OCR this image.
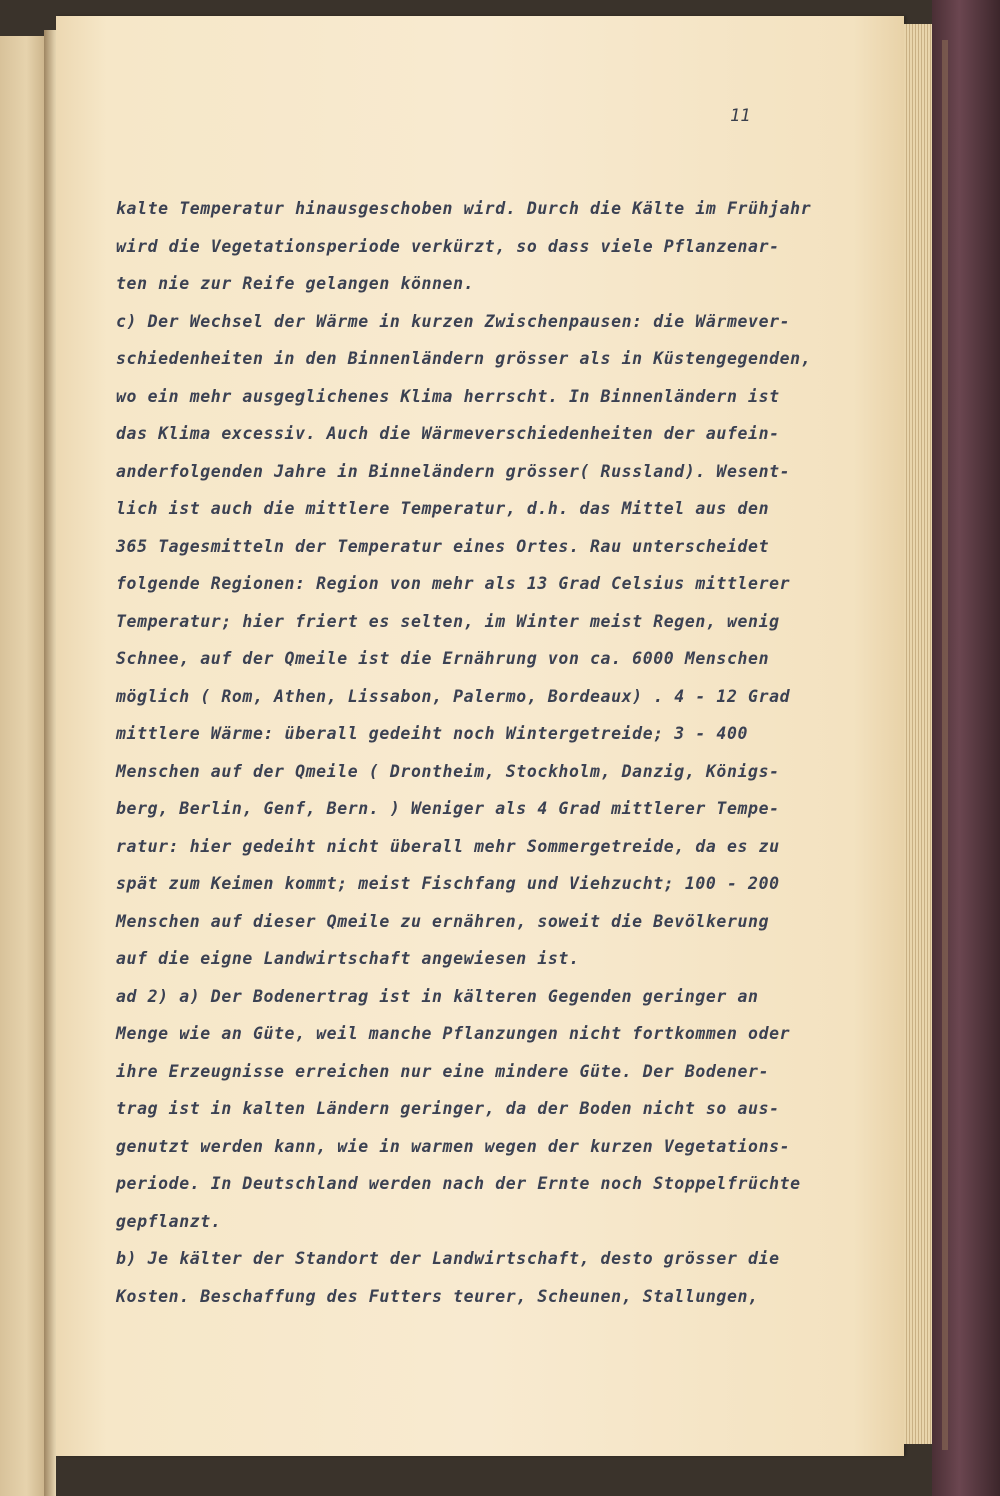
11
kalte Temperatur hinausgeschoben wird. Durch die Kälte im Frühjahr
wird die Vegetationsperiode verkürzt, so dass viele Pflanzenar-
ten nie zur Reife gelangen können.
c) Der Wechsel der Wärme in kurzen Zwischenpausen: die Wärmever-
schiedenheiten in den Binnenländern grösser als in Küstengegenden,
wo ein mehr ausgeglichenes Klima herrscht. In Binnenländern ist
das Klima excessiv. Auch die Wärmeverschiedenheiten der aufein-
anderfolgenden Jahre in Binneländern grösser( Russland). Wesent-
lich ist auch die mittlere Temperatur, d.h. das Mittel aus den
365 Tagesmitteln der Temperatur eines Ortes. Rau unterscheidet
folgende Regionen: Region von mehr als 13 Grad Celsius mittlerer
Temperatur; hier friert es selten, im Winter meist Regen, wenig
Schnee, auf der Qmeile ist die Ernährung von ca. 6000 Menschen
möglich ( Rom, Athen, Lissabon, Palermo, Bordeaux) . 4 - 12 Grad
mittlere Wärme: überall gedeiht noch Wintergetreide; 3 - 400
Menschen auf der Qmeile ( Drontheim, Stockholm, Danzig, Königs-
berg, Berlin, Genf, Bern. ) Weniger als 4 Grad mittlerer Tempe-
ratur: hier gedeiht nicht überall mehr Sommergetreide, da es zu
spät zum Keimen kommt; meist Fischfang und Viehzucht; 100 - 200
Menschen auf dieser Qmeile zu ernähren, soweit die Bevölkerung
auf die eigne Landwirtschaft angewiesen ist.
ad 2) a) Der Bodenertrag ist in kälteren Gegenden geringer an
Menge wie an Güte, weil manche Pflanzungen nicht fortkommen oder
ihre Erzeugnisse erreichen nur eine mindere Güte. Der Bodener-
trag ist in kalten Ländern geringer, da der Boden nicht so aus-
genutzt werden kann, wie in warmen wegen der kurzen Vegetations-
periode. In Deutschland werden nach der Ernte noch Stoppelfrüchte
gepflanzt.
b) Je kälter der Standort der Landwirtschaft, desto grösser die
Kosten. Beschaffung des Futters teurer, Scheunen, Stallungen,
